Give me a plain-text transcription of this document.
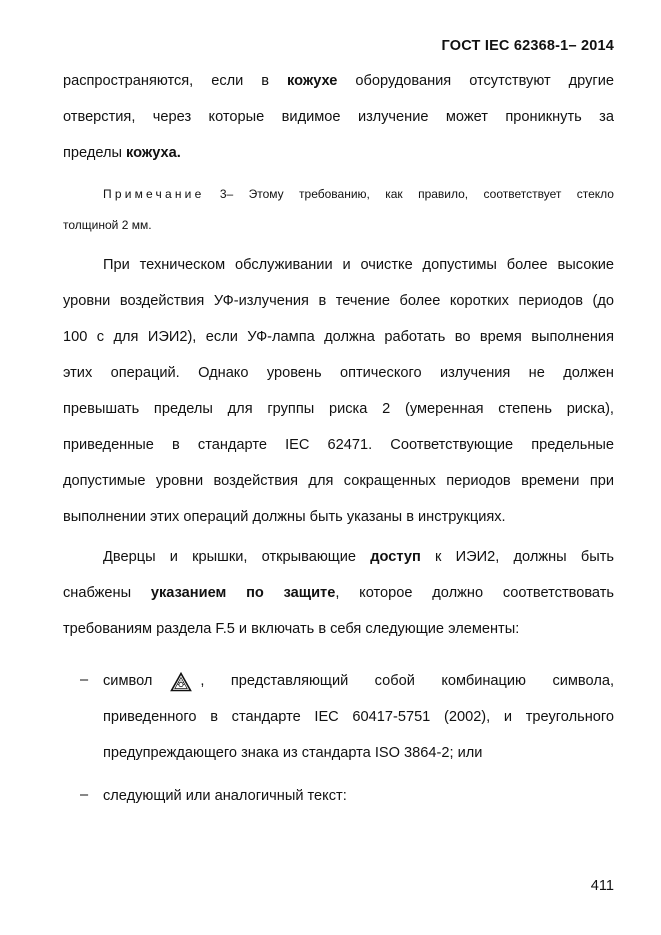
ГОСТ IEC 62368-1– 2014
распространяются, если в кожухе оборудования отсутствуют другие
отверстия, через которые видимое излучение может проникнуть за
пределы кожуха.
Примечание 3– Этому требованию, как правило, соответствует стекло
толщиной 2 мм.
При техническом обслуживании и очистке допустимы более высокие
уровни воздействия УФ-излучения в течение более коротких периодов (до
100 с для ИЭИ2), если УФ-лампа должна работать во время выполнения
этих операций. Однако уровень оптического излучения не должен
превышать пределы для группы риска 2 (умеренная степень риска),
приведенные в стандарте IEC 62471. Соответствующие предельные
допустимые уровни воздействия для сокращенных периодов времени при
выполнении этих операций должны быть указаны в инструкциях.
Дверцы и крышки, открывающие доступ к ИЭИ2, должны быть
снабжены указанием по защите, которое должно соответствовать
требованиям раздела F.5 и включать в себя следующие элементы:
– символ	, представляющий собой комбинацию символа,
приведенного в стандарте IEC 60417-5751 (2002), и треугольного
предупреждающего знака из стандарта ISO 3864-2; или
– следующий или аналогичный текст:
411
